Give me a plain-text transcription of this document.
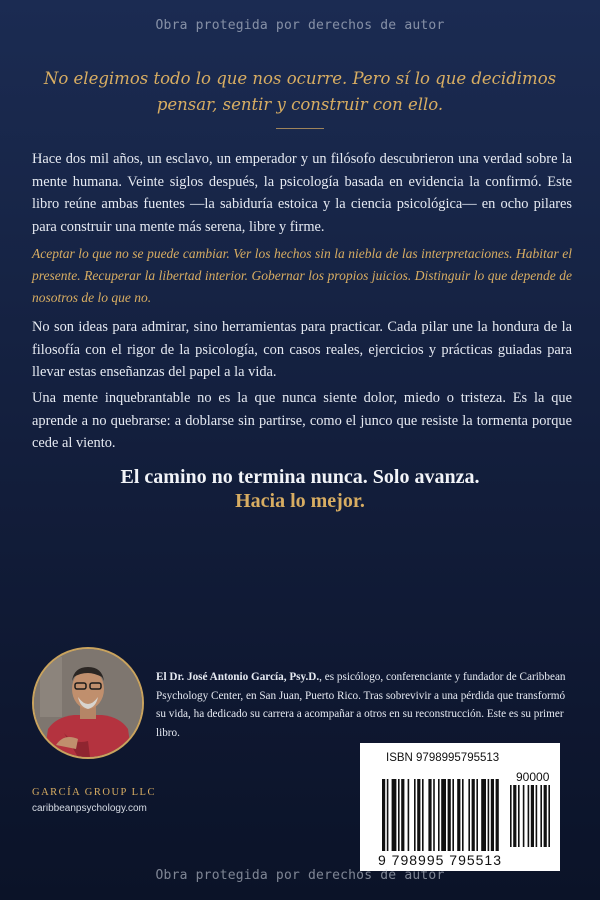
Obra protegida por derechos de autor
No elegimos todo lo que nos ocurre. Pero sí lo que decidimos pensar, sentir y construir con ello.
Hace dos mil años, un esclavo, un emperador y un filósofo descubrieron una verdad sobre la mente humana. Veinte siglos después, la psicología basada en evidencia la confirmó. Este libro reúne ambas fuentes —la sabiduría estoica y la ciencia psicológica— en ocho pilares para construir una mente más serena, libre y firme.
Aceptar lo que no se puede cambiar. Ver los hechos sin la niebla de las interpretaciones. Habitar el presente. Recuperar la libertad interior. Gobernar los propios juicios. Distinguir lo que depende de nosotros de lo que no.
No son ideas para admirar, sino herramientas para practicar. Cada pilar une la hondura de la filosofía con el rigor de la psicología, con casos reales, ejercicios y prácticas guiadas para llevar estas enseñanzas del papel a la vida.
Una mente inquebrantable no es la que nunca siente dolor, miedo o tristeza. Es la que aprende a no quebrarse: a doblarse sin partirse, como el junco que resiste la tormenta porque cede al viento.
El camino no termina nunca. Solo avanza.
Hacia lo mejor.
El Dr. José Antonio García, Psy.D., es psicólogo, conferenciante y fundador de Caribbean Psychology Center, en San Juan, Puerto Rico. Tras sobrevivir a una pérdida que transformó su vida, ha dedicado su carrera a acompañar a otros en su reconstrucción. Este es su primer libro.
GARCÍA GROUP LLC
caribbeanpsychology.com
ISBN 9798995795513
90000
9 798995 795513
Obra protegida por derechos de autor
